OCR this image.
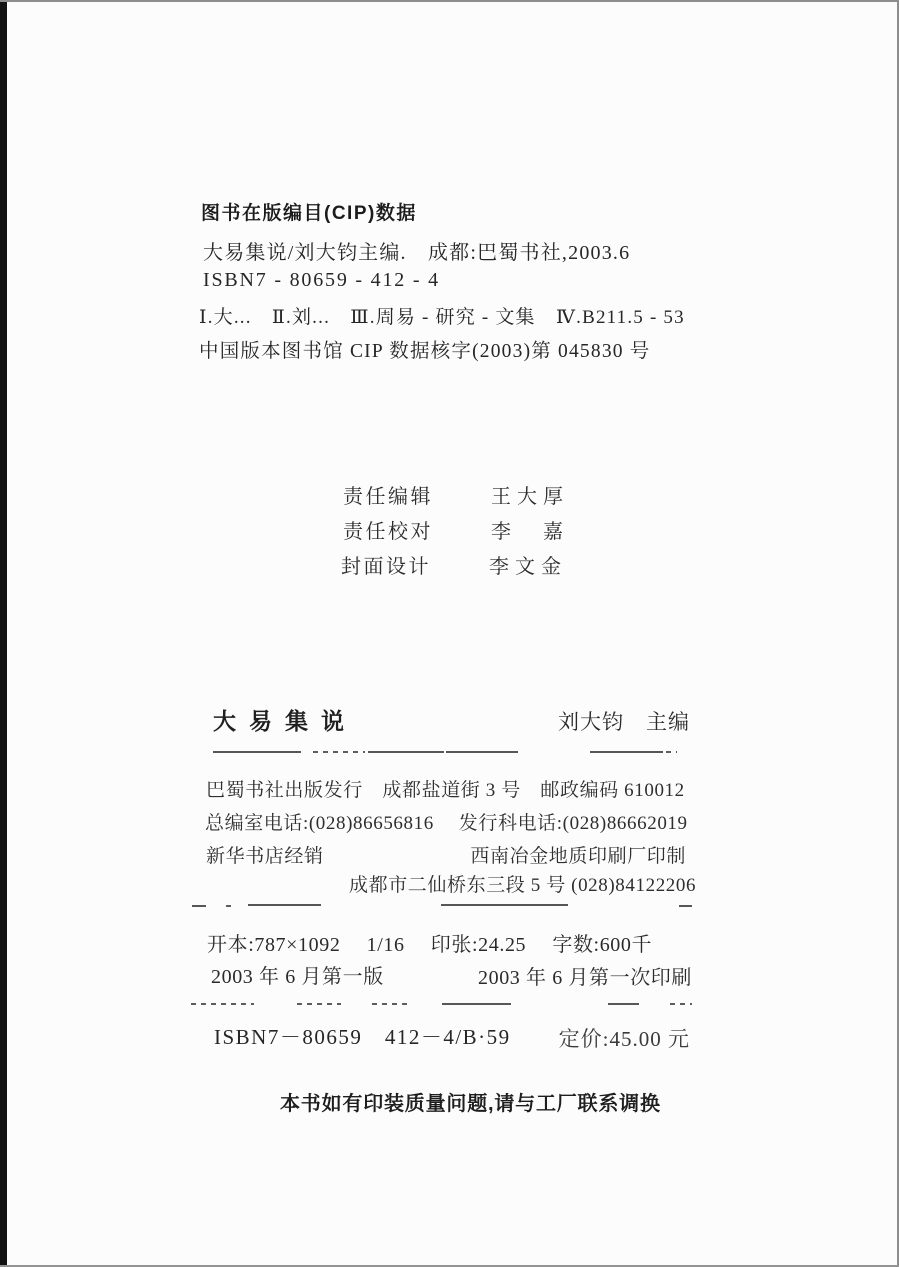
图书在版编目(CIP)数据
大易集说/刘大钧主编.　成都:巴蜀书社,2003.6
ISBN7 - 80659 - 412 - 4
Ⅰ.大...　Ⅱ.刘...　Ⅲ.周易 - 研究 - 文集　Ⅳ.B211.5 - 53
中国版本图书馆 CIP 数据核字(2003)第 045830 号
责任编辑	王大厚
责任校对	李　嘉
封面设计	李文金
大易集说	刘大钧　主编
巴蜀书社出版发行　成都盐道街 3 号　邮政编码 610012
总编室电话:(028)86656816　 发行科电话:(028)86662019
新华书店经销	西南冶金地质印刷厂印制
成都市二仙桥东三段 5 号 (028)84122206
开本:787×1092　 1/16　 印张:24.25　 字数:600千
2003 年 6 月第一版	2003 年 6 月第一次印刷
ISBN7－80659　412－4/B·59 定价:45.00 元
本书如有印装质量问题,请与工厂联系调换
